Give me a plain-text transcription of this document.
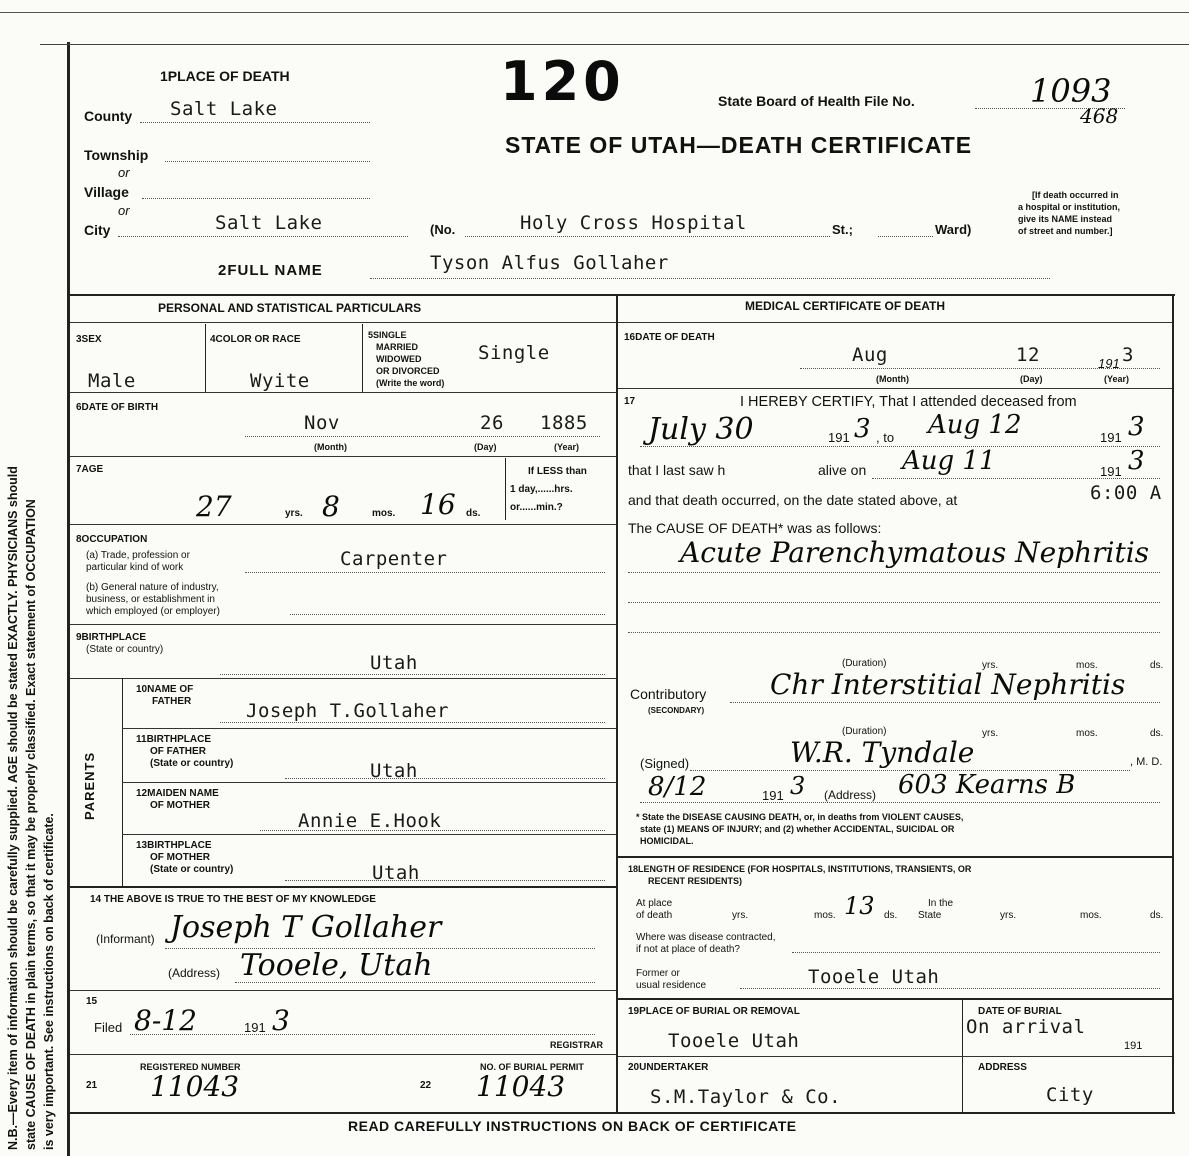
N.B.—Every item of information should be carefully supplied. AGE should be stated EXACTLY. PHYSICIANS should state CAUSE OF DEATH in plain terms, so that it may be properly classified. Exact statement of OCCUPATION is very important. See instructions on back of certificate.
1PLACE OF DEATH	120	State Board of Health File No.	1093
468
STATE OF UTAH—DEATH CERTIFICATE
[If death occurred in
a hospital or institution,
give its NAME instead
of street and number.]
County Salt Lake
Township
or
Village
or
City	Salt Lake	(No.	Holy Cross Hospital	St.;	Ward)
2FULL NAME	Tyson Alfus Gollaher
PERSONAL AND STATISTICAL PARTICULARS	MEDICAL CERTIFICATE OF DEATH
3SEX
Male
4COLOR OR RACE
Wyite
5SINGLE
MARRIED
WIDOWED
OR DIVORCED
(Write the word)
Single
6DATE OF BIRTH
Nov	26 1885
(Month)	(Day)	(Year)
7AGE
27	yrs. 8	mos. 16 ds.
If LESS than
1 day,......hrs.
or......min.?
8OCCUPATION
(a) Trade, profession or
particular kind of work	Carpenter
(b) General nature of industry,
business, or establishment in
which employed (or employer)
9BIRTHPLACE
(State or country)
Utah
PARENTS
10NAME OF
FATHER	Joseph T.Gollaher
11BIRTHPLACE
OF FATHER
(State or country)	Utah
12MAIDEN NAME
OF MOTHER
Annie E.Hook
13BIRTHPLACE
OF MOTHER
(State or country)	Utah
14 THE ABOVE IS TRUE TO THE BEST OF MY KNOWLEDGE
(Informant) Joseph T Gollaher
(Address) Tooele, Utah
15
Filed 8-12	191 3
REGISTRAR
REGISTERED NUMBER
21 11043
NO. OF BURIAL PERMIT
22 11043
16DATE OF DEATH
Aug	12	191 3
(Month)	(Day)	(Year)
17	I HEREBY CERTIFY, That I attended deceased from
July 30	191 3 , to Aug 12	191 3
that I last saw h	alive on Aug 11	191 3
and that death occurred, on the date stated above, at	6:00 A
The CAUSE OF DEATH* was as follows:
Acute Parenchymatous Nephritis
(Duration)	yrs.	mos.	ds.
Contributory
(SECONDARY)
Chr Interstitial Nephritis
(Duration)	yrs.	mos.	ds.
(Signed)	W.R. Tyndale	, M. D.
8/12	191 3 (Address) 603 Kearns B
* State the DISEASE CAUSING DEATH, or, in deaths from VIOLENT CAUSES,
state (1) MEANS OF INJURY; and (2) whether ACCIDENTAL, SUICIDAL OR
HOMICIDAL.
18LENGTH OF RESIDENCE (FOR HOSPITALS, INSTITUTIONS, TRANSIENTS, OR
RECENT RESIDENTS)
At place
of death	yrs.	mos. 13 ds.
In the
State	yrs.	mos.	ds.
Where was disease contracted,
if not at place of death?
Former or
usual residence	Tooele Utah
19PLACE OF BURIAL OR REMOVAL
Tooele Utah
DATE OF BURIAL
On arrival
191
20UNDERTAKER
S.M.Taylor & Co.
ADDRESS
City
READ CAREFULLY INSTRUCTIONS ON BACK OF CERTIFICATE
